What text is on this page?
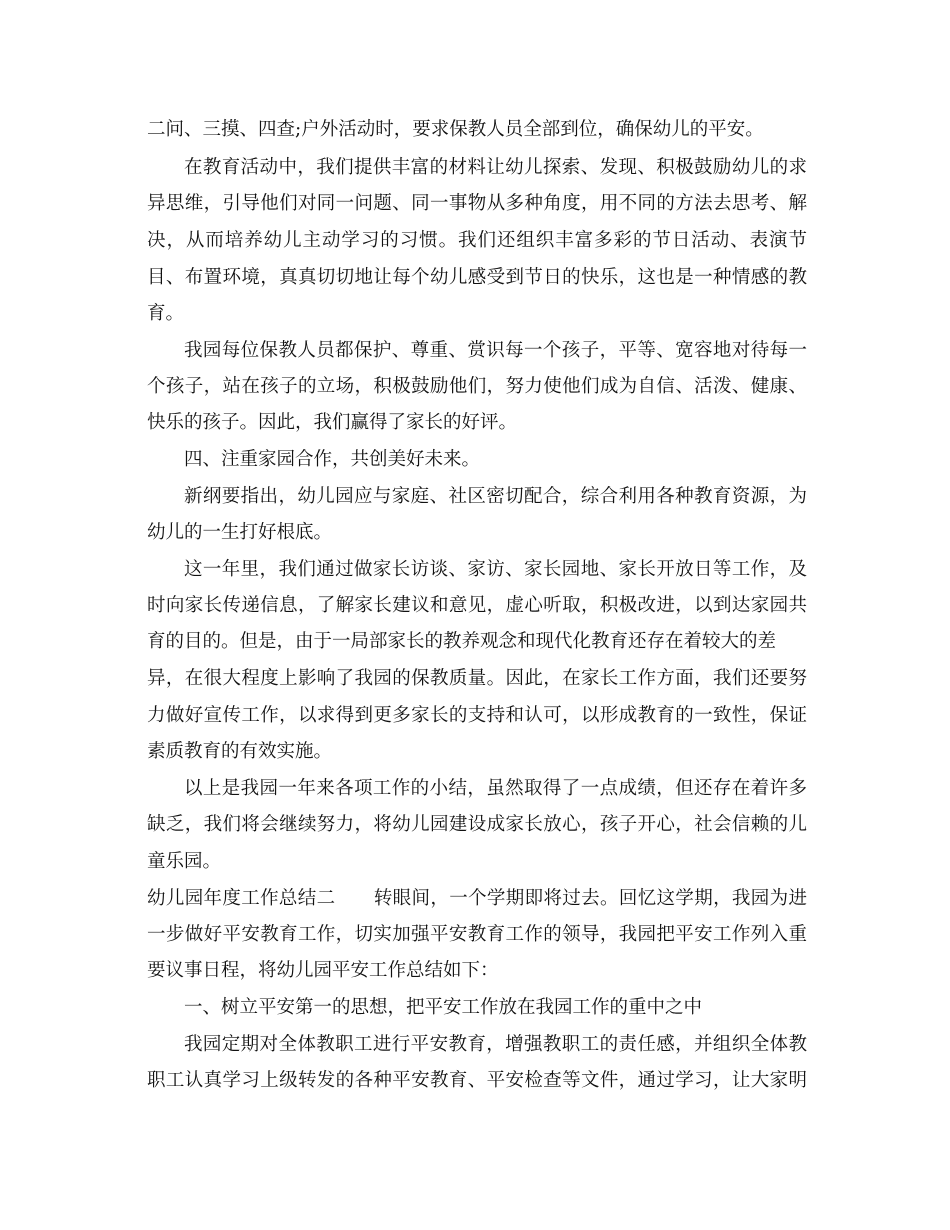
二问、三摸、四查;户外活动时，要求保教人员全部到位，确保幼儿的平安。
在教育活动中，我们提供丰富的材料让幼儿探索、发现、积极鼓励幼儿的求
异思维，引导他们对同一问题、同一事物从多种角度，用不同的方法去思考、解
决，从而培养幼儿主动学习的习惯。我们还组织丰富多彩的节日活动、表演节
目、布置环境，真真切切地让每个幼儿感受到节日的快乐，这也是一种情感的教
育。
我园每位保教人员都保护、尊重、赏识每一个孩子，平等、宽容地对待每一
个孩子，站在孩子的立场，积极鼓励他们，努力使他们成为自信、活泼、健康、
快乐的孩子。因此，我们赢得了家长的好评。
四、注重家园合作，共创美好未来。
新纲要指出，幼儿园应与家庭、社区密切配合，综合利用各种教育资源，为
幼儿的一生打好根底。
这一年里，我们通过做家长访谈、家访、家长园地、家长开放日等工作，及
时向家长传递信息，了解家长建议和意见，虚心听取，积极改进，以到达家园共
育的目的。但是，由于一局部家长的教养观念和现代化教育还存在着较大的差
异，在很大程度上影响了我园的保教质量。因此，在家长工作方面，我们还要努
力做好宣传工作，以求得到更多家长的支持和认可，以形成教育的一致性，保证
素质教育的有效实施。
以上是我园一年来各项工作的小结，虽然取得了一点成绩，但还存在着许多
缺乏，我们将会继续努力，将幼儿园建设成家长放心，孩子开心，社会信赖的儿
童乐园。
幼儿园年度工作总结二 转眼间，一个学期即将过去。回忆这学期，我园为进
一步做好平安教育工作，切实加强平安教育工作的领导，我园把平安工作列入重
要议事日程，将幼儿园平安工作总结如下：
一、树立平安第一的思想，把平安工作放在我园工作的重中之中
我园定期对全体教职工进行平安教育，增强教职工的责任感，并组织全体教
职工认真学习上级转发的各种平安教育、平安检查等文件，通过学习，让大家明
